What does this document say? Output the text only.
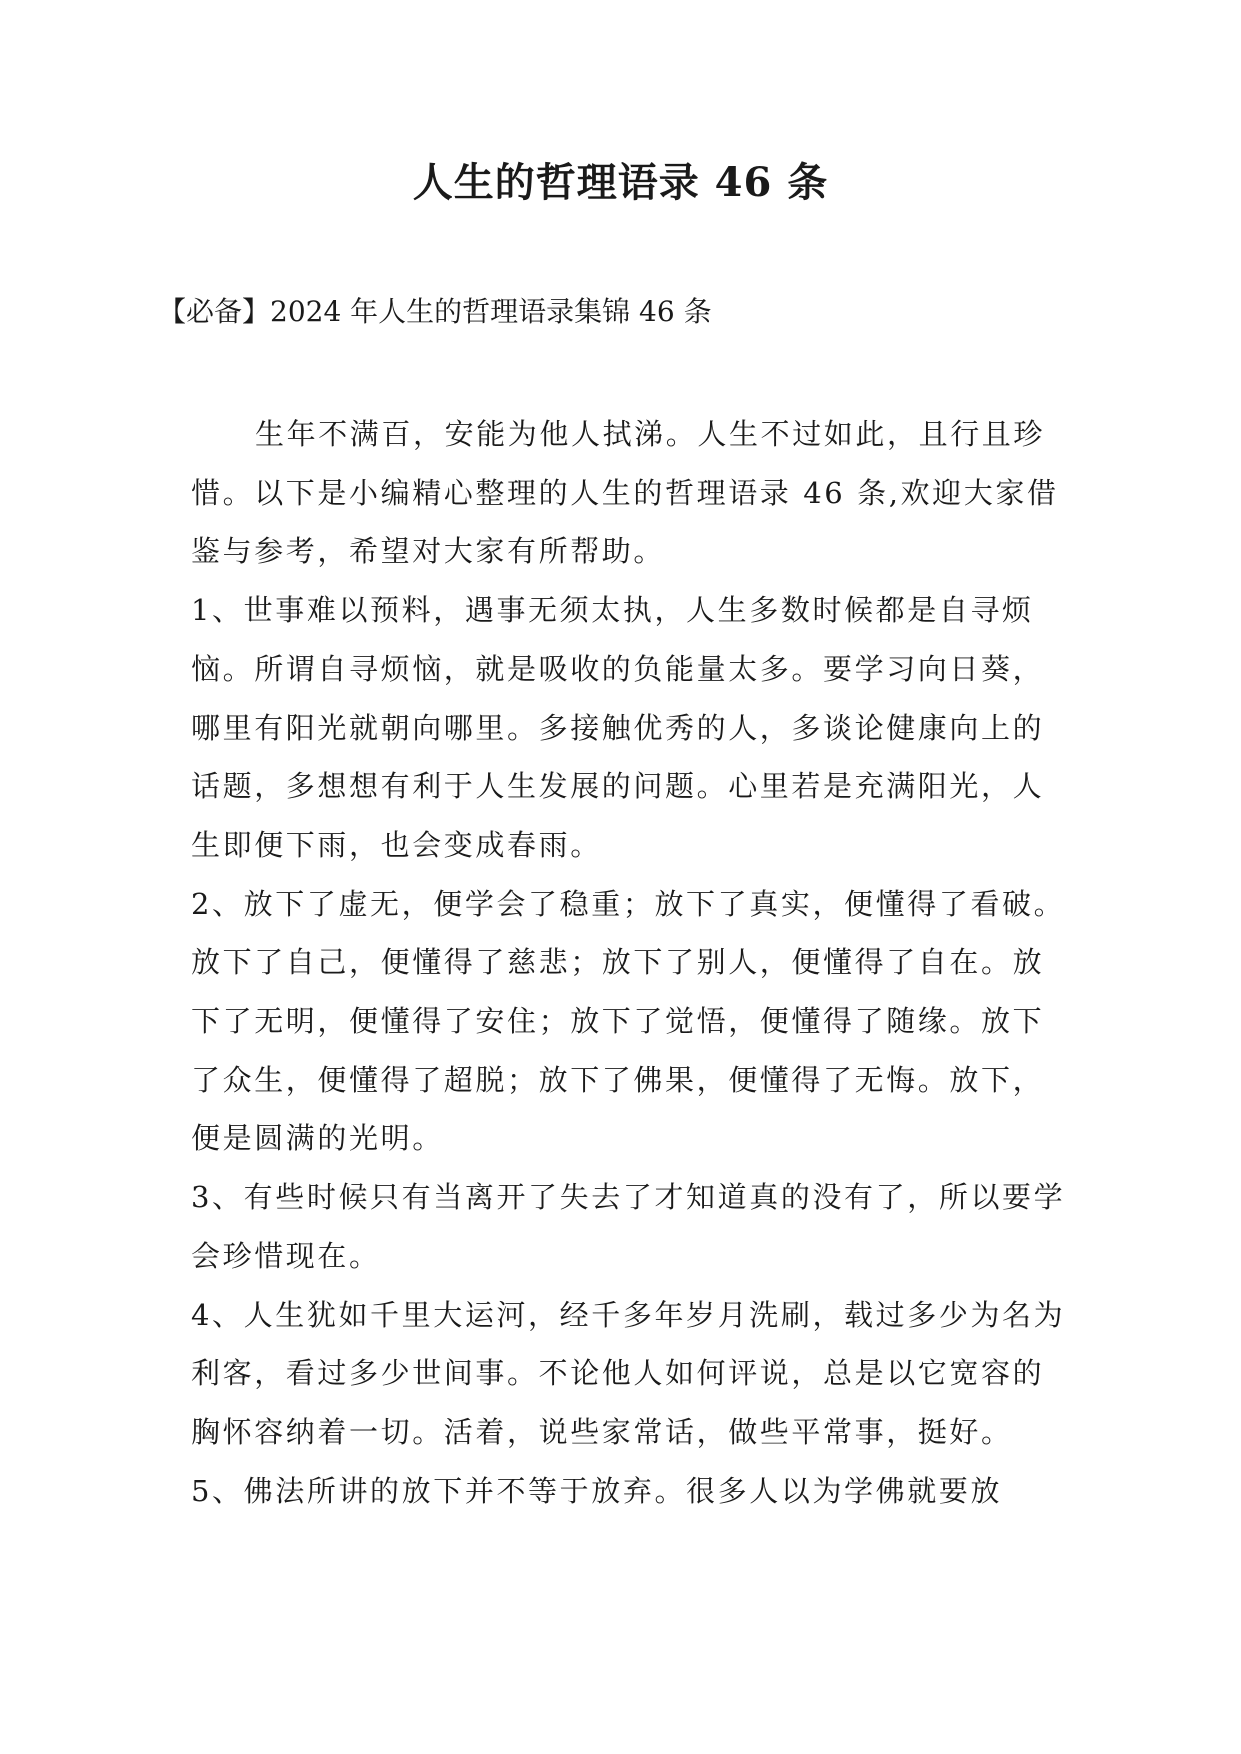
人生的哲理语录 46 条

【必备】2024 年人生的哲理语录集锦 46 条

生年不满百，安能为他人拭涕。人生不过如此，且行且珍惜。以下是小编精心整理的人生的哲理语录 46 条,欢迎大家借鉴与参考，希望对大家有所帮助。

1、世事难以预料，遇事无须太执，人生多数时候都是自寻烦恼。所谓自寻烦恼，就是吸收的负能量太多。要学习向日葵，哪里有阳光就朝向哪里。多接触优秀的人，多谈论健康向上的话题，多想想有利于人生发展的问题。心里若是充满阳光，人生即便下雨，也会变成春雨。

2、放下了虚无，便学会了稳重；放下了真实，便懂得了看破。放下了自己，便懂得了慈悲；放下了别人，便懂得了自在。放下了无明，便懂得了安住；放下了觉悟，便懂得了随缘。放下了众生，便懂得了超脱；放下了佛果，便懂得了无悔。放下，便是圆满的光明。

3、有些时候只有当离开了失去了才知道真的没有了，所以要学会珍惜现在。

4、人生犹如千里大运河，经千多年岁月洗刷，载过多少为名为利客，看过多少世间事。不论他人如何评说，总是以它宽容的胸怀容纳着一切。活着，说些家常话，做些平常事，挺好。

5、佛法所讲的放下并不等于放弃。很多人以为学佛就要放
